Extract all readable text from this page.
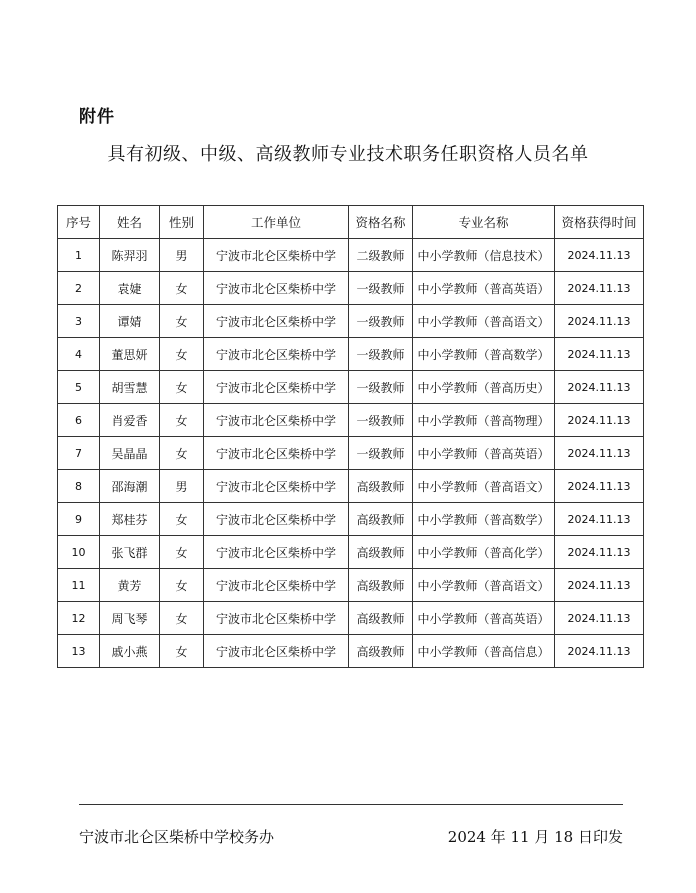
附件
具有初级、中级、高级教师专业技术职务任职资格人员名单
序号	姓名	性别	工作单位	资格名称	专业名称	资格获得时间
1	陈羿羽	男	宁波市北仑区柴桥中学	二级教师	中小学教师（信息技术）	2024.11.13
2	袁婕	女	宁波市北仑区柴桥中学	一级教师	中小学教师（普高英语）	2024.11.13
3	谭婧	女	宁波市北仑区柴桥中学	一级教师	中小学教师（普高语文）	2024.11.13
4	董思妍	女	宁波市北仑区柴桥中学	一级教师	中小学教师（普高数学）	2024.11.13
5	胡雪慧	女	宁波市北仑区柴桥中学	一级教师	中小学教师（普高历史）	2024.11.13
6	肖爱香	女	宁波市北仑区柴桥中学	一级教师	中小学教师（普高物理）	2024.11.13
7	吴晶晶	女	宁波市北仑区柴桥中学	一级教师	中小学教师（普高英语）	2024.11.13
8	邵海潮	男	宁波市北仑区柴桥中学	高级教师	中小学教师（普高语文）	2024.11.13
9	郑桂芬	女	宁波市北仑区柴桥中学	高级教师	中小学教师（普高数学）	2024.11.13
10	张飞群	女	宁波市北仑区柴桥中学	高级教师	中小学教师（普高化学）	2024.11.13
11	黄芳	女	宁波市北仑区柴桥中学	高级教师	中小学教师（普高语文）	2024.11.13
12	周飞琴	女	宁波市北仑区柴桥中学	高级教师	中小学教师（普高英语）	2024.11.13
13	戚小燕	女	宁波市北仑区柴桥中学	高级教师	中小学教师（普高信息）	2024.11.13
宁波市北仑区柴桥中学校务办	2024 年 11 月 18 日印发
